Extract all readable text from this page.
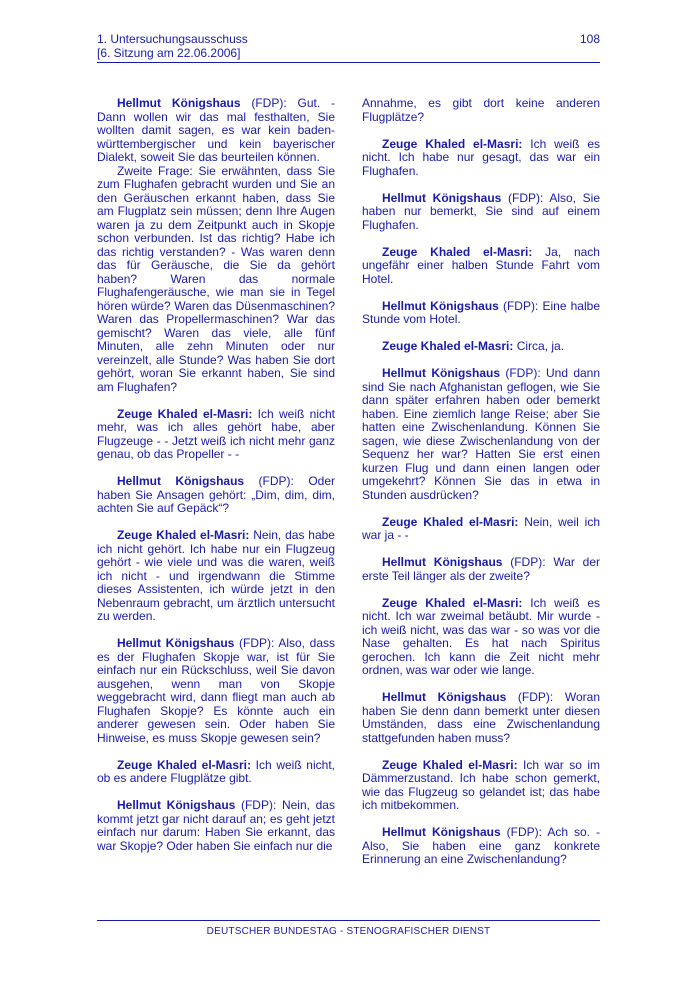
1. Untersuchungsausschuss
[6. Sitzung am 22.06.2006]
108

Hellmut Königshaus (FDP): Gut. - Dann wollen wir das mal festhalten, Sie wollten damit sagen, es war kein baden-württembergischer und kein bayerischer Dialekt, soweit Sie das beurteilen können.

Zweite Frage: Sie erwähnten, dass Sie zum Flughafen gebracht wurden und Sie an den Geräuschen erkannt haben, dass Sie am Flugplatz sein müssen; denn Ihre Augen waren ja zu dem Zeitpunkt auch in Skopje schon verbunden. Ist das richtig? Habe ich das richtig verstanden? - Was waren denn das für Geräusche, die Sie da gehört haben? Waren das normale Flughafengeräusche, wie man sie in Tegel hören würde? Waren das Düsenmaschinen? Waren das Propellermaschinen? War das gemischt? Waren das viele, alle fünf Minuten, alle zehn Minuten oder nur vereinzelt, alle Stunde? Was haben Sie dort gehört, woran Sie erkannt haben, Sie sind am Flughafen?

Zeuge Khaled el-Masri: Ich weiß nicht mehr, was ich alles gehört habe, aber Flugzeuge - - Jetzt weiß ich nicht mehr ganz genau, ob das Propeller - -

Hellmut Königshaus (FDP): Oder haben Sie Ansagen gehört: „Dim, dim, dim, achten Sie auf Gepäck“?

Zeuge Khaled el-Masri: Nein, das habe ich nicht gehört. Ich habe nur ein Flugzeug gehört - wie viele und was die waren, weiß ich nicht - und irgendwann die Stimme dieses Assistenten, ich würde jetzt in den Nebenraum gebracht, um ärztlich untersucht zu werden.

Hellmut Königshaus (FDP): Also, dass es der Flughafen Skopje war, ist für Sie einfach nur ein Rückschluss, weil Sie davon ausgehen, wenn man von Skopje weggebracht wird, dann fliegt man auch ab Flughafen Skopje? Es könnte auch ein anderer gewesen sein. Oder haben Sie Hinweise, es muss Skopje gewesen sein?

Zeuge Khaled el-Masri: Ich weiß nicht, ob es andere Flugplätze gibt.

Hellmut Königshaus (FDP): Nein, das kommt jetzt gar nicht darauf an; es geht jetzt einfach nur darum: Haben Sie erkannt, das war Skopje? Oder haben Sie einfach nur die

Annahme, es gibt dort keine anderen Flugplätze?

Zeuge Khaled el-Masri: Ich weiß es nicht. Ich habe nur gesagt, das war ein Flughafen.

Hellmut Königshaus (FDP): Also, Sie haben nur bemerkt, Sie sind auf einem Flughafen.

Zeuge Khaled el-Masri: Ja, nach ungefähr einer halben Stunde Fahrt vom Hotel.

Hellmut Königshaus (FDP): Eine halbe Stunde vom Hotel.

Zeuge Khaled el-Masri: Circa, ja.

Hellmut Königshaus (FDP): Und dann sind Sie nach Afghanistan geflogen, wie Sie dann später erfahren haben oder bemerkt haben. Eine ziemlich lange Reise; aber Sie hatten eine Zwischenlandung. Können Sie sagen, wie diese Zwischenlandung von der Sequenz her war? Hatten Sie erst einen kurzen Flug und dann einen langen oder umgekehrt? Können Sie das in etwa in Stunden ausdrücken?

Zeuge Khaled el-Masri: Nein, weil ich war ja - -

Hellmut Königshaus (FDP): War der erste Teil länger als der zweite?

Zeuge Khaled el-Masri: Ich weiß es nicht. Ich war zweimal betäubt. Mir wurde - ich weiß nicht, was das war - so was vor die Nase gehalten. Es hat nach Spiritus gerochen. Ich kann die Zeit nicht mehr ordnen, was war oder wie lange.

Hellmut Königshaus (FDP): Woran haben Sie denn dann bemerkt unter diesen Umständen, dass eine Zwischenlandung stattgefunden haben muss?

Zeuge Khaled el-Masri: Ich war so im Dämmerzustand. Ich habe schon gemerkt, wie das Flugzeug so gelandet ist; das habe ich mitbekommen.

Hellmut Königshaus (FDP): Ach so. - Also, Sie haben eine ganz konkrete Erinnerung an eine Zwischenlandung?

DEUTSCHER BUNDESTAG - STENOGRAFISCHER DIENST
